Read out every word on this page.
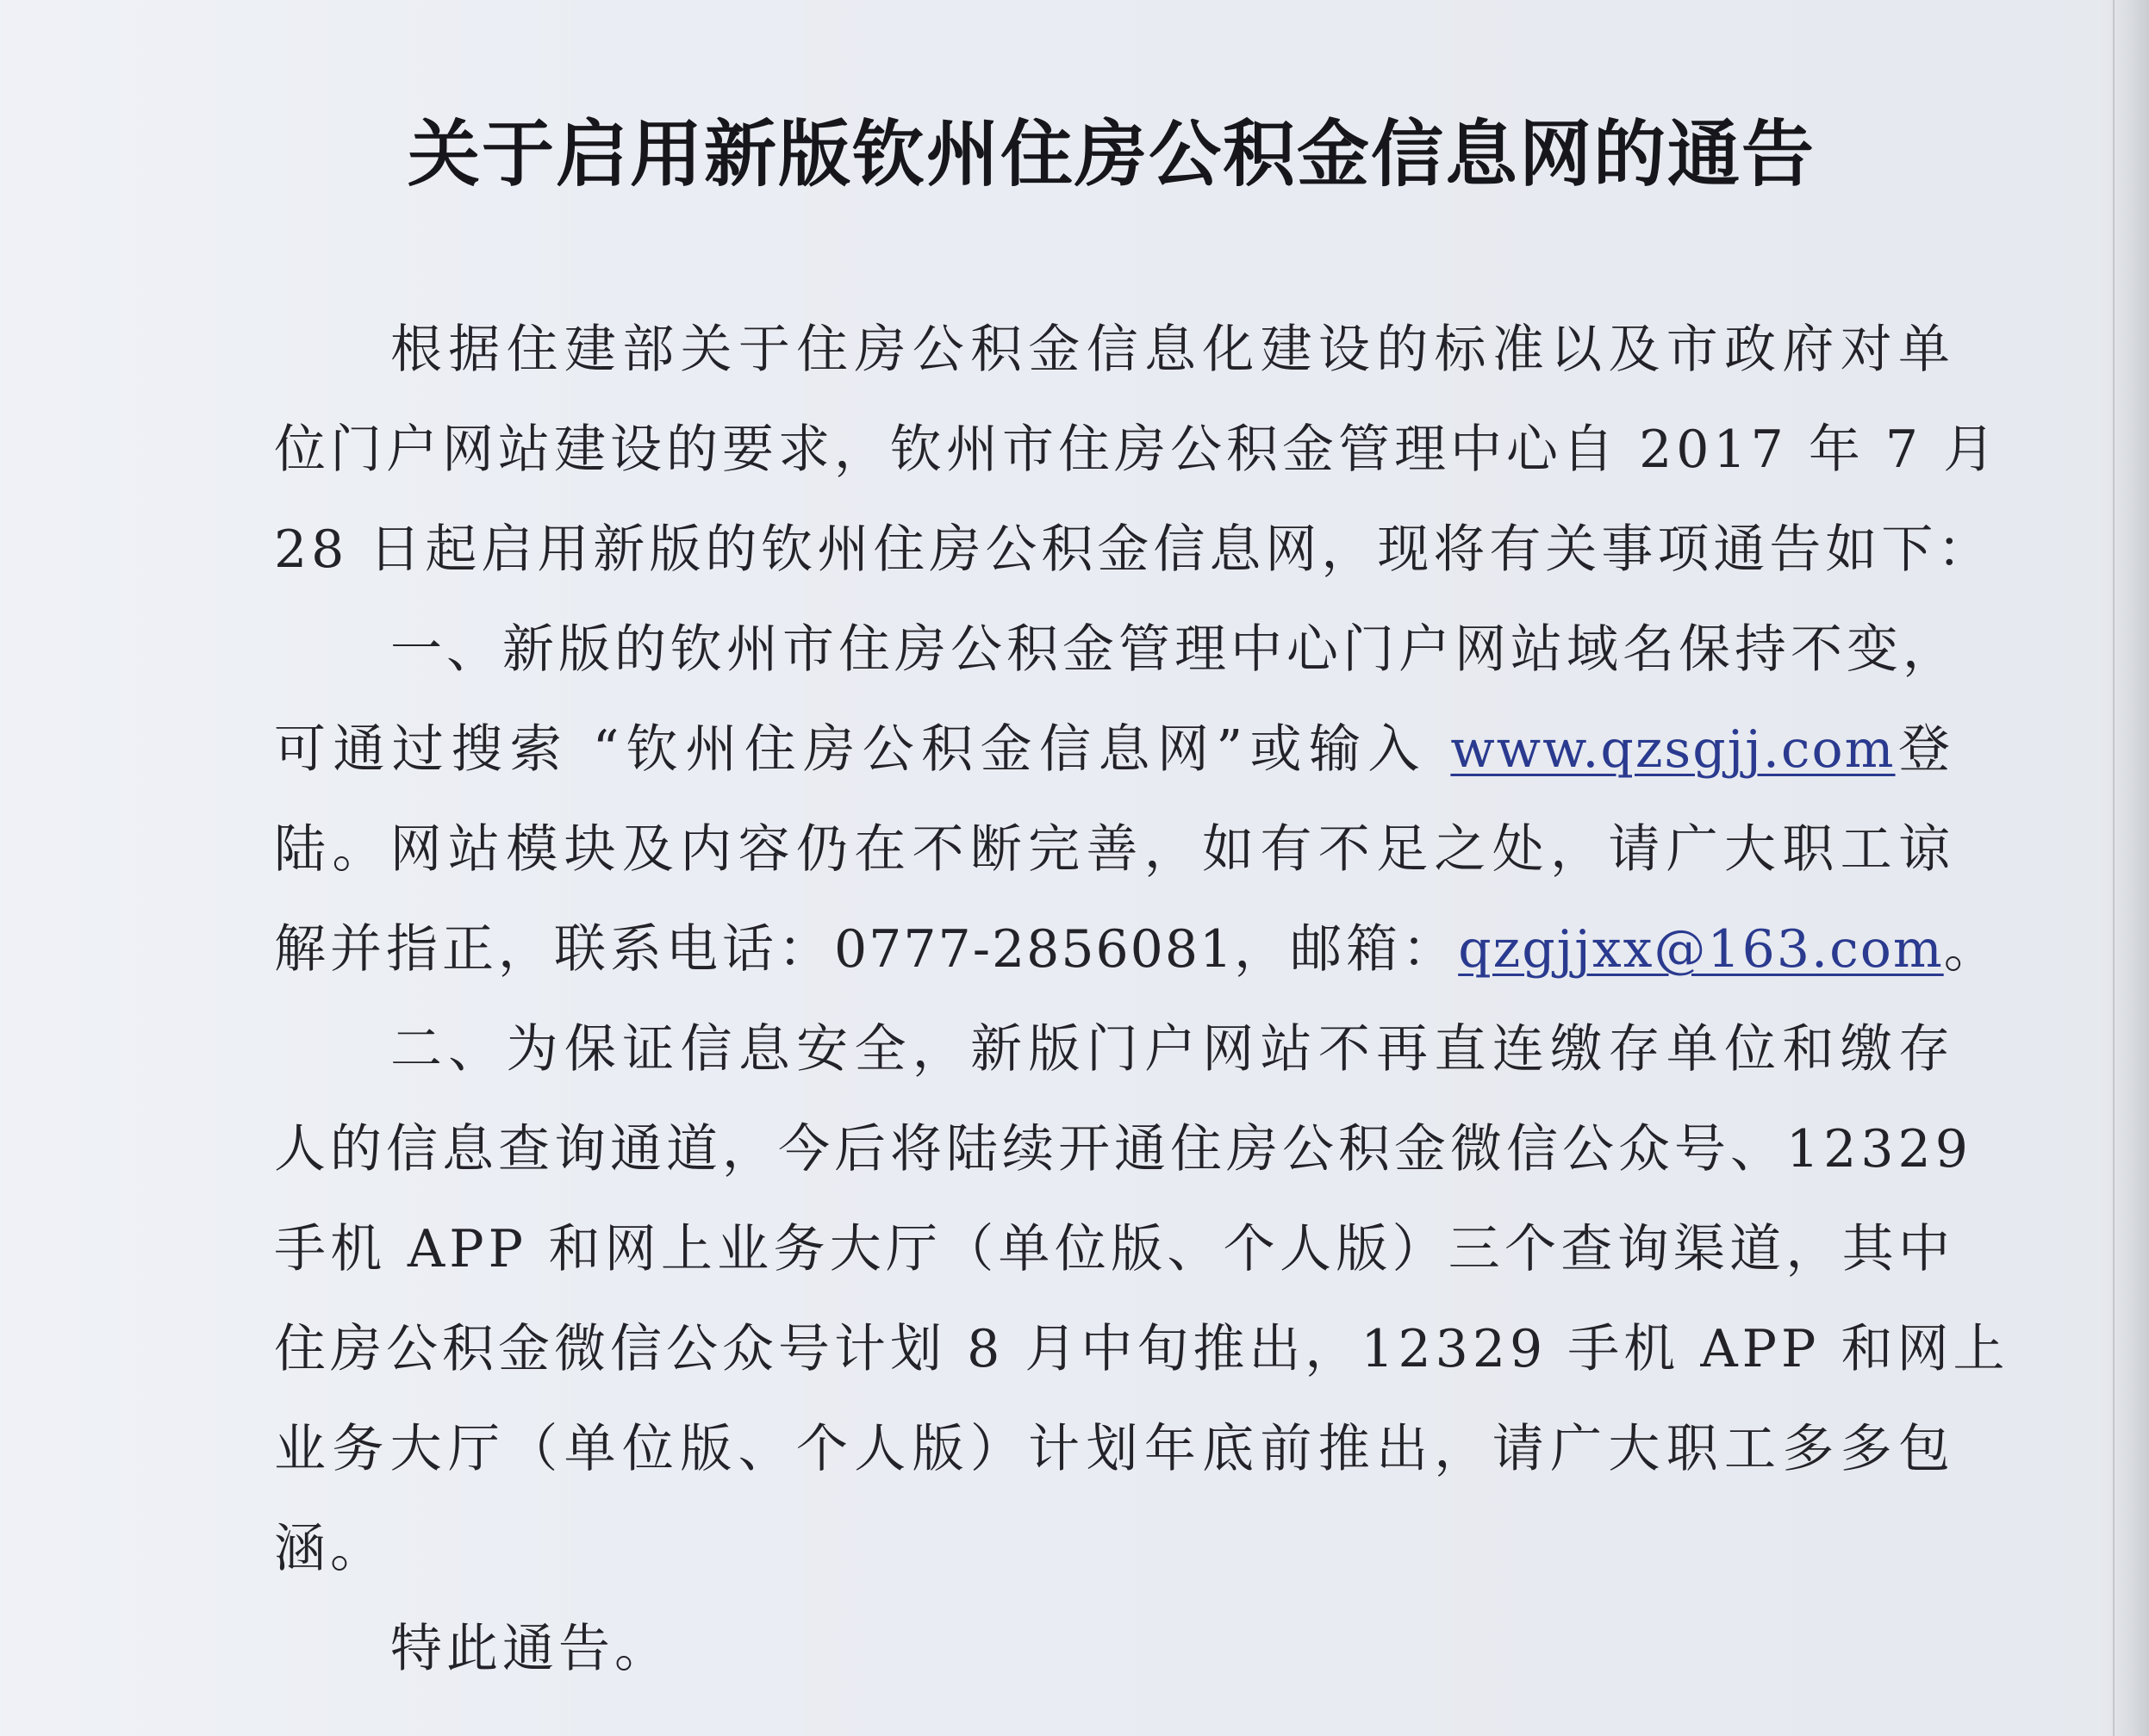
关于启用新版钦州住房公积金信息网的通告
根据住建部关于住房公积金信息化建设的标准以及市政府对单
位门户网站建设的要求，钦州市住房公积金管理中心自 2017 年 7 月
28 日起启用新版的钦州住房公积金信息网，现将有关事项通告如下：
一、新版的钦州市住房公积金管理中心门户网站域名保持不变，
可通过搜索 “钦州住房公积金信息网”或输入 www.qzsgjj.com登
陆。网站模块及内容仍在不断完善，如有不足之处，请广大职工谅
解并指正，联系电话：0777-2856081，邮箱：qzgjjxx@163.com。
二、为保证信息安全，新版门户网站不再直连缴存单位和缴存
人的信息查询通道，今后将陆续开通住房公积金微信公众号、12329
手机 APP 和网上业务大厅（单位版、个人版）三个查询渠道，其中
住房公积金微信公众号计划 8 月中旬推出，12329 手机 APP 和网上
业务大厅（单位版、个人版）计划年底前推出，请广大职工多多包
涵。
特此通告。
